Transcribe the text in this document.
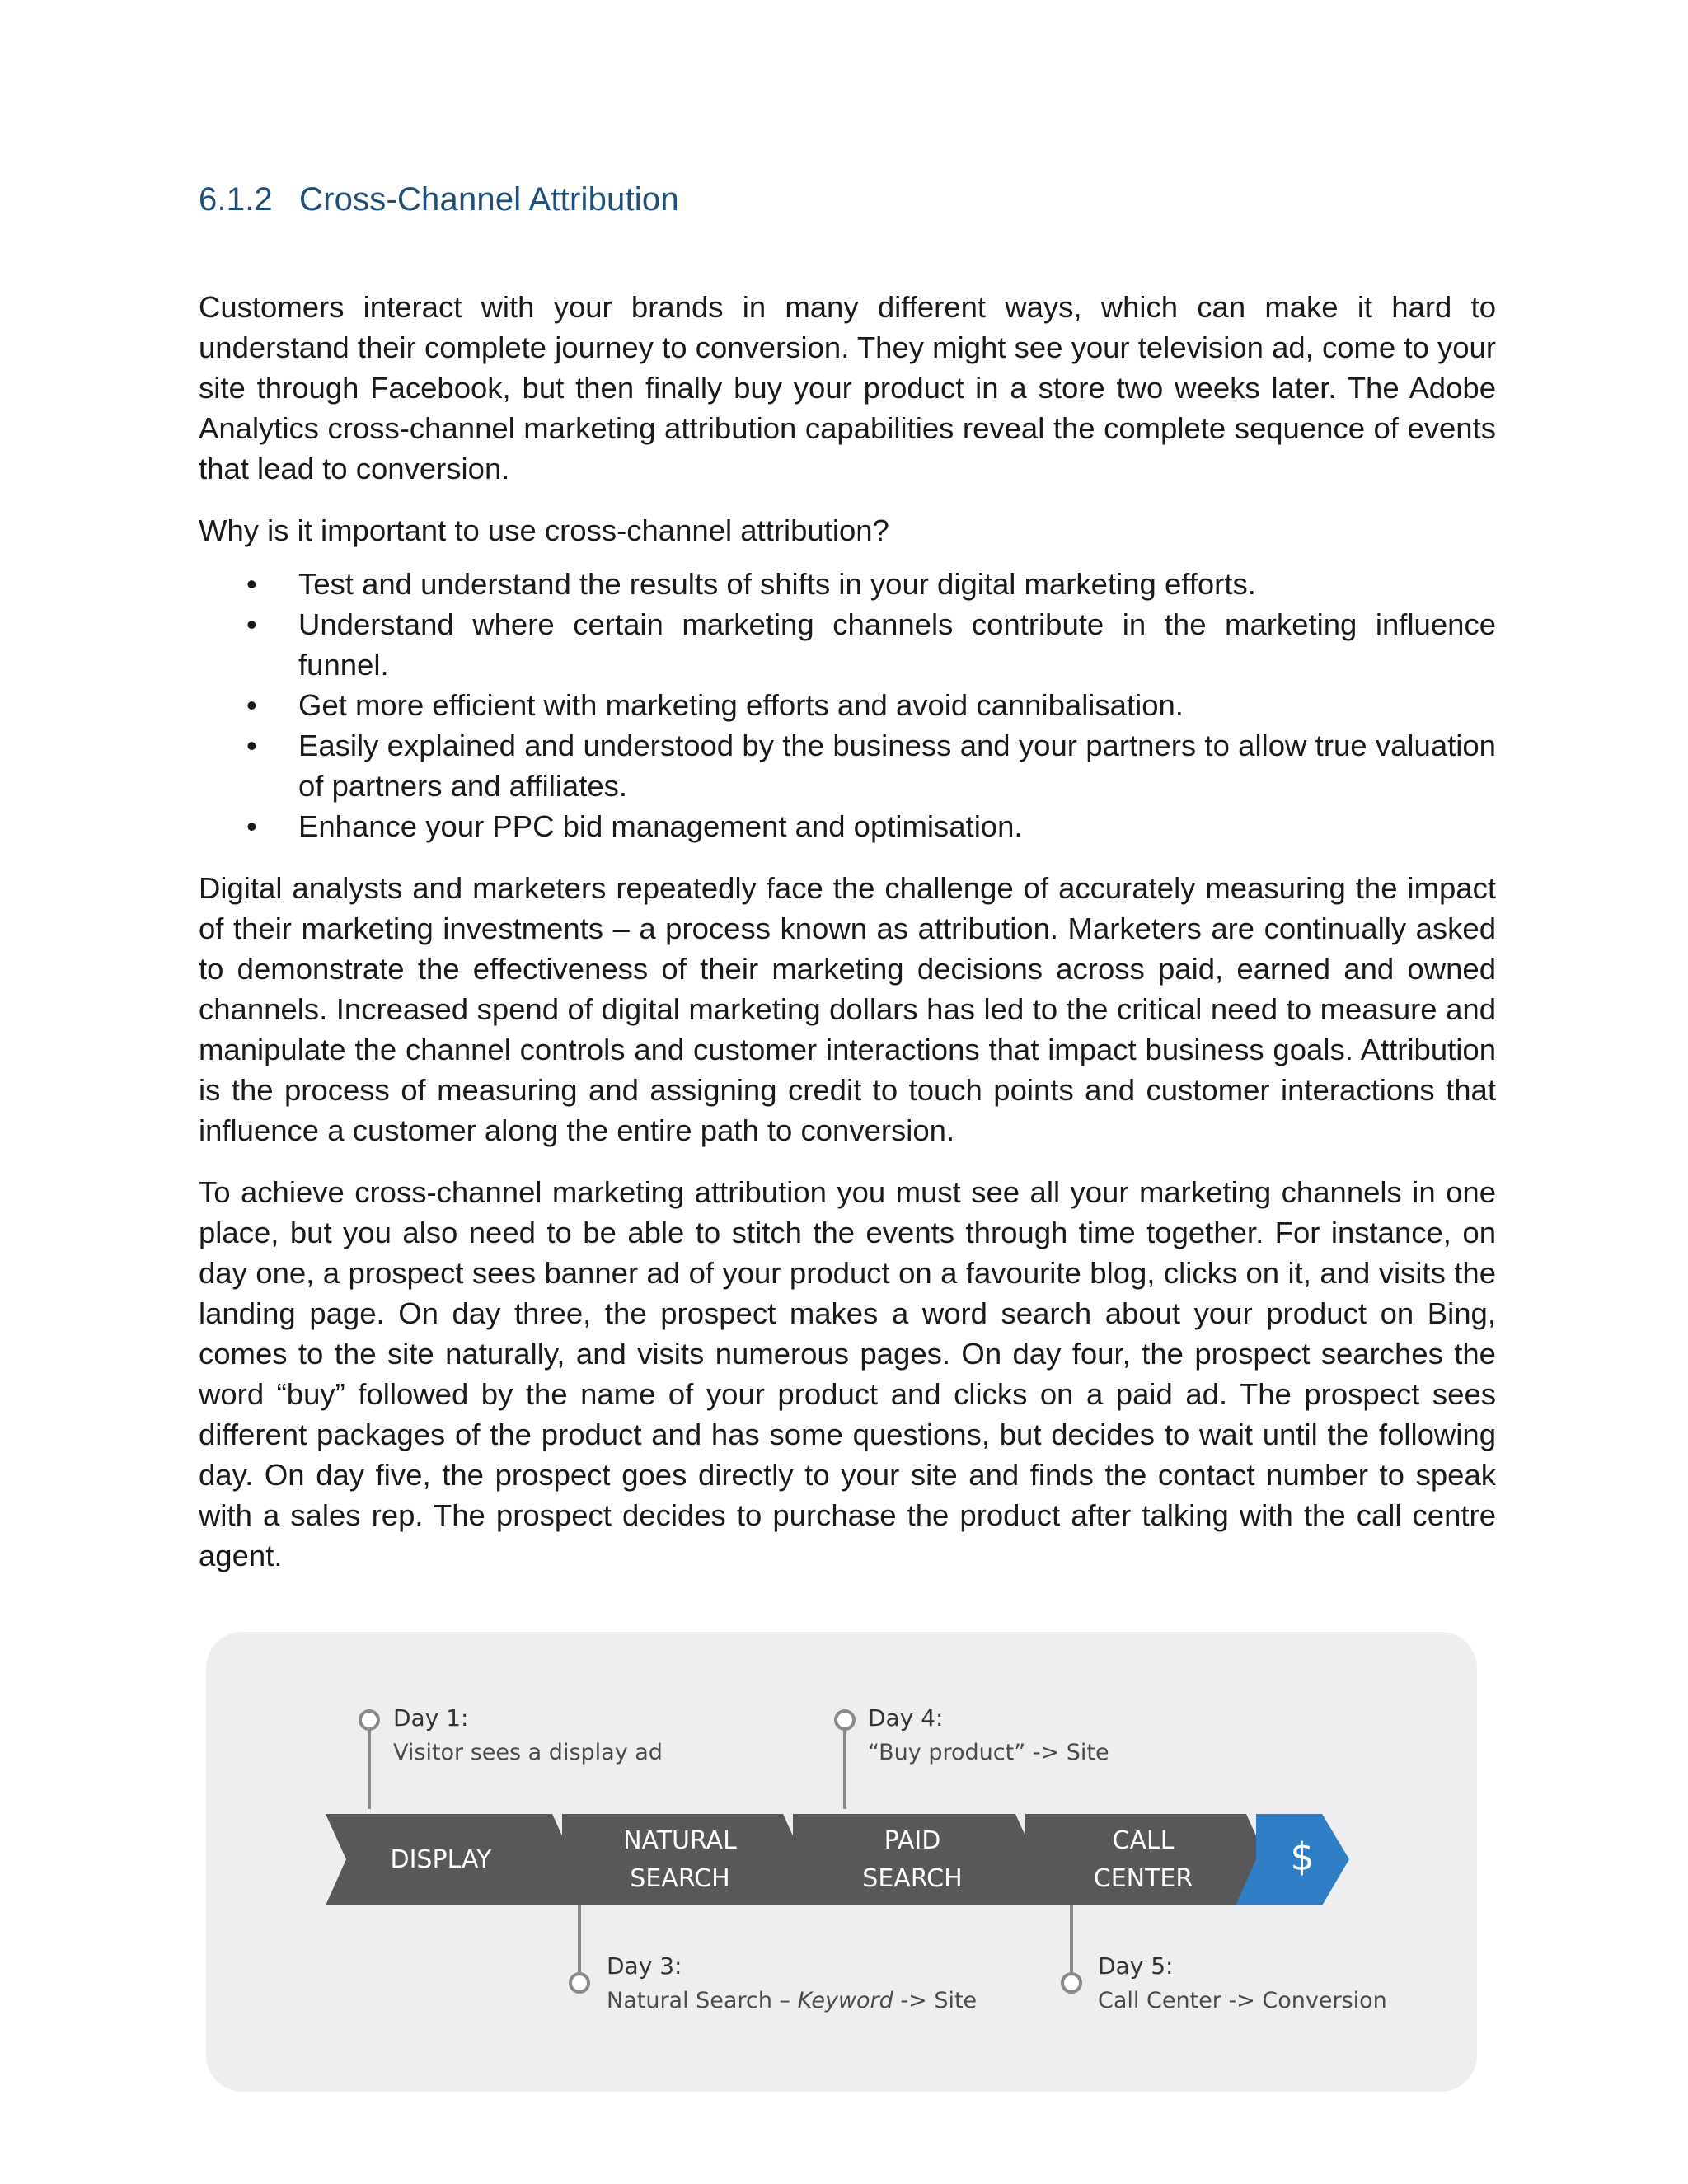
6.1.2 Cross-Channel Attribution

Customers interact with your brands in many different ways, which can make it hard to understand their complete journey to conversion. They might see your television ad, come to your site through Facebook, but then finally buy your product in a store two weeks later. The Adobe Analytics cross-channel marketing attribution capabilities reveal the complete sequence of events that lead to conversion.

Why is it important to use cross-channel attribution?

• Test and understand the results of shifts in your digital marketing efforts.
• Understand where certain marketing channels contribute in the marketing influence funnel.
• Get more efficient with marketing efforts and avoid cannibalisation.
• Easily explained and understood by the business and your partners to allow true valuation of partners and affiliates.
• Enhance your PPC bid management and optimisation.

Digital analysts and marketers repeatedly face the challenge of accurately measuring the impact of their marketing investments – a process known as attribution. Marketers are continually asked to demonstrate the effectiveness of their marketing decisions across paid, earned and owned channels. Increased spend of digital marketing dollars has led to the critical need to measure and manipulate the channel controls and customer interactions that impact business goals. Attribution is the process of measuring and assigning credit to touch points and customer interactions that influence a customer along the entire path to conversion.

To achieve cross-channel marketing attribution you must see all your marketing channels in one place, but you also need to be able to stitch the events through time together. For instance, on day one, a prospect sees banner ad of your product on a favourite blog, clicks on it, and visits the landing page. On day three, the prospect makes a word search about your product on Bing, comes to the site naturally, and visits numerous pages. On day four, the prospect searches the word “buy” followed by the name of your product and clicks on a paid ad. The prospect sees different packages of the product and has some questions, but decides to wait until the following day. On day five, the prospect goes directly to your site and finds the contact number to speak with a sales rep. The prospect decides to purchase the product after talking with the call centre agent.

DISPLAY
NATURAL
SEARCH
PAID
SEARCH
CALL
CENTER	$
Day 1:
Visitor sees a display ad
Day 4:
“Buy product” -> Site
Day 3:
Natural Search – Keyword -> Site
Day 5:
Call Center -> Conversion
